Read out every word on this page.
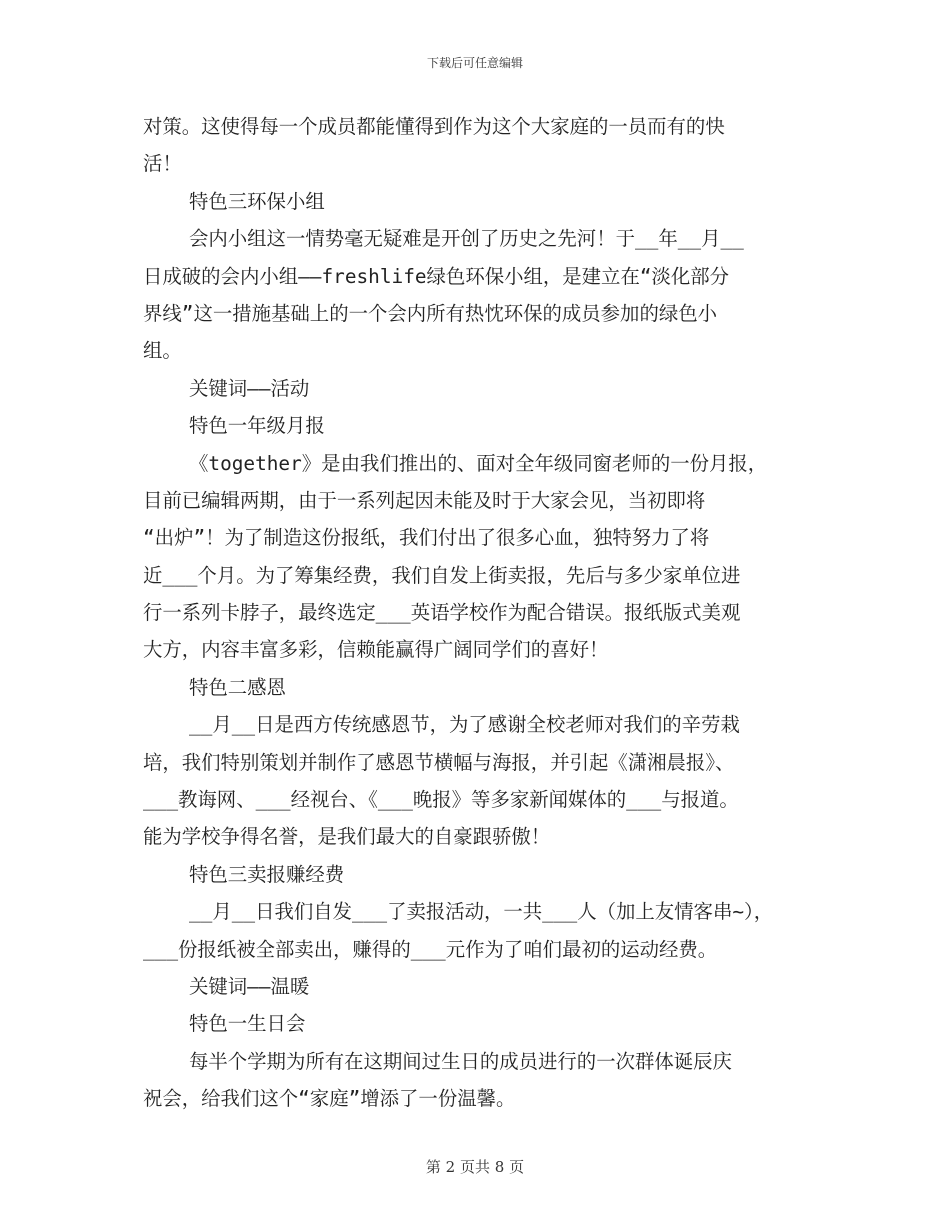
下载后可任意编辑
对策。这使得每一个成员都能懂得到作为这个大家庭的一员而有的快
活！
特色三环保小组
会内小组这一情势毫无疑难是开创了历史之先河！于__年__月__
日成破的会内小组——freshlife绿色环保小组，是建立在“淡化部分
界线”这一措施基础上的一个会内所有热忱环保的成员参加的绿色小
组。
关键词——活动
特色一年级月报
《together》是由我们推出的、面对全年级同窗老师的一份月报，
目前已编辑两期，由于一系列起因未能及时于大家会见，当初即将
“出炉”！为了制造这份报纸，我们付出了很多心血，独特努力了将
近___个月。为了筹集经费，我们自发上街卖报，先后与多少家单位进
行一系列卡脖子，最终选定___英语学校作为配合错误。报纸版式美观
大方，内容丰富多彩，信赖能赢得广阔同学们的喜好！
特色二感恩
__月__日是西方传统感恩节，为了感谢全校老师对我们的辛劳栽
培，我们特别策划并制作了感恩节横幅与海报，并引起《潇湘晨报》、
___教诲网、___经视台、《___晚报》等多家新闻媒体的___与报道。
能为学校争得名誉，是我们最大的自豪跟骄傲！
特色三卖报赚经费
__月__日我们自发___了卖报活动，一共___人（加上友情客串~），
___份报纸被全部卖出，赚得的___元作为了咱们最初的运动经费。
关键词——温暖
特色一生日会
每半个学期为所有在这期间过生日的成员进行的一次群体诞辰庆
祝会，给我们这个“家庭”增添了一份温馨。
第 2 页共 8 页
